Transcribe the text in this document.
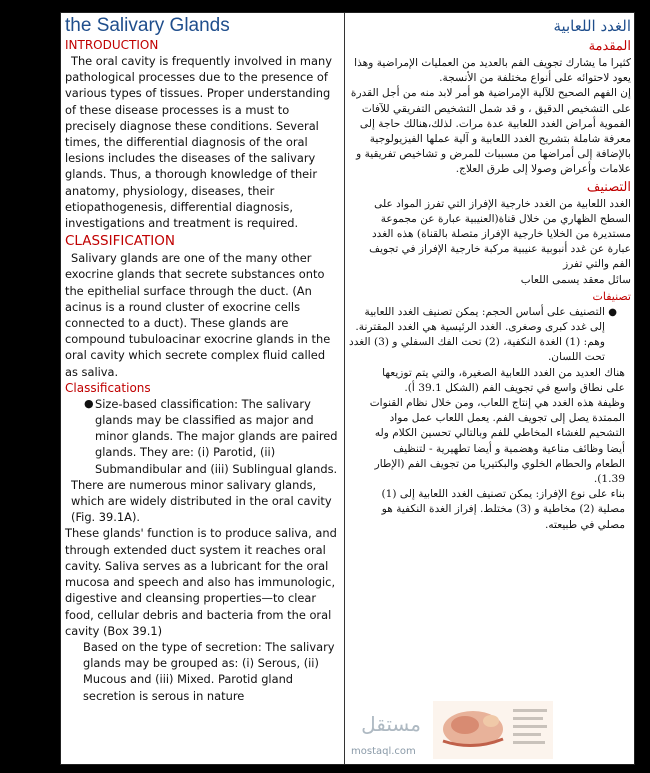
the Salivary Glands
INTRODUCTION

The oral cavity is frequently involved in many pathological processes due to the presence of various types of tissues. Proper understanding of these disease processes is a must to precisely diagnose these conditions. Several times, the differential diagnosis of the oral lesions includes the diseases of the salivary glands. Thus, a thorough knowledge of their anatomy, physiology, diseases, their etiopathogenesis, differential diagnosis, investigations and treatment is required.

CLASSIFICATION

Salivary glands are one of the many other exocrine glands that secrete substances onto the epithelial surface through the duct. (An acinus is a round cluster of exocrine cells connected to a duct). These glands are compound tubuloacinar exocrine glands in the oral cavity which secrete complex fluid called as saliva.

Classifications
● Size-based classification: The salivary glands may be classified as major and minor glands. The major glands are paired glands. They are: (i) Parotid, (ii) Submandibular and (iii) Sublingual glands.

There are numerous minor salivary glands, which are widely distributed in the oral cavity (Fig. 39.1A).

These glands' function is to produce saliva, and through extended duct system it reaches oral cavity. Saliva serves as a lubricant for the oral mucosa and speech and also has immunologic, digestive and cleansing properties—to clear food, cellular debris and bacteria from the oral cavity (Box 39.1)

Based on the type of secretion: The salivary glands may be grouped as: (i) Serous, (ii) Mucous and (iii) Mixed. Parotid gland secretion is serous in nature

الغدد اللعابية
المقدمة

كثيرا ما يشارك تجويف الفم بالعديد من العمليات الإمراضية وهذا يعود لاحتوائه على أنواع مختلفة من الأنسجة.

إن الفهم الصحيح للآلية الإمراضية هو أمر لابد منه من أجل القدرة على التشخيص الدقيق ، و قد شمل التشخيص التفريقي للآفات الفموية أمراض الغدد اللعابية عدة مرات. لذلك،هنالك حاجة إلى معرفة شاملة بتشريح الغدد اللعابية و آلية عملها الفيزيولوجية بالإضافة إلى أمراضها من مسببات للمرض و تشاخيص تفريقية و علامات وأعراض وصولا إلى طرق العلاج.

التصنيف

الغدد اللعابية من الغدد خارجية الإفراز التي تفرز المواد على السطح الظهاري من خلال قناة(العنيبية عبارة عن مجموعة مستديرة من الخلايا خارجية الإفراز متصلة بالقناة) هذه الغدد عبارة عن غدد أنبوبية عنيبية مركبة خارجية الإفراز في تجويف الفم والتي تفرز

سائل معقد يسمى اللعاب

تصنيفات
●

التصنيف على أساس الحجم: يمكن تصنيف الغدد اللعابية إلى غدد كبرى وصغرى. الغدد الرئيسية هي الغدد المقترنة. وهم: (1) الغدة النكفية، (2) تحت الفك السفلي و (3) الغدد تحت اللسان.

هناك العديد من الغدد اللعابية الصغيرة، والتي يتم توزيعها على نطاق واسع في تجويف الفم (الشكل 39.1 أ).

وظيفة هذه الغدد هي إنتاج اللعاب، ومن خلال نظام القنوات الممتدة يصل إلى تجويف الفم. يعمل اللعاب عمل مواد التشحيم للغشاء المخاطي للفم وبالتالي تحسين الكلام وله أيضا وظائف مناعية وهضمية و أيضا تطهيرية - لتنظيف الطعام والحطام الخلوي والبكتيريا من تجويف الفم (الإطار 1.39).

بناء على نوع الإفراز: يمكن تصنيف الغدد اللعابية إلى (1) مصلية (2) مخاطية و (3) مختلط. إفراز الغدة النكفية هو مصلي في طبيعته.

مستقل
mostaql.com
